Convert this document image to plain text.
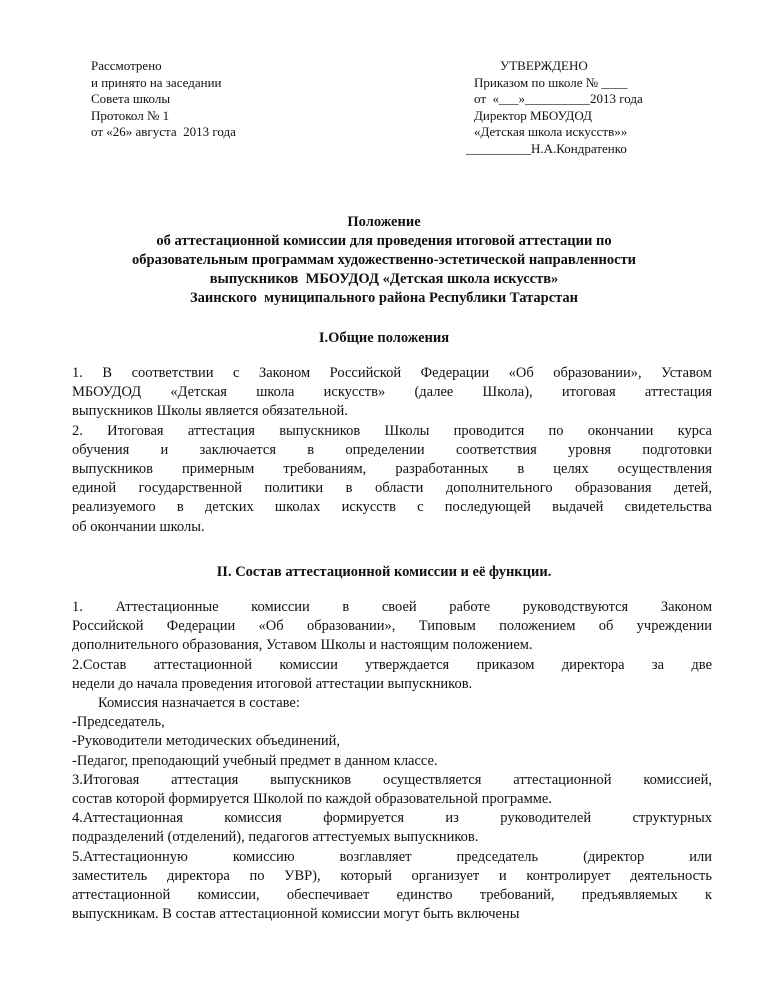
Рассмотрено
и принято на заседании
Совета школы
Протокол № 1
от «26» августа  2013 года
УТВЕРЖДЕНО
Приказом по школе № ____
от  «___»__________2013 года
Директор МБОУДОД
«Детская школа искусств»»
__________Н.А.Кондратенко
Положение
об аттестационной комиссии для проведения итоговой аттестации по
образовательным программам художественно-эстетической направленности
выпускников  МБОУДОД «Детская школа искусств»
Заинского  муниципального района Республики Татарстан
I.Общие положения
1. В соответствии с Законом Российской Федерации «Об образовании», Уставом
МБОУДОД «Детская школа искусств» (далее Школа), итоговая аттестация
выпускников Школы является обязательной.
2. Итоговая аттестация выпускников Школы проводится по окончании курса
обучения и заключается в определении соответствия уровня подготовки
выпускников примерным требованиям, разработанных в целях осуществления
единой государственной политики в области дополнительного образования детей,
реализуемого в детских школах искусств с последующей выдачей свидетельства
об окончании школы.
II. Состав аттестационной комиссии и её функции.
1. Аттестационные комиссии в своей работе руководствуются Законом
Российской Федерации «Об образовании», Типовым положением об учреждении
дополнительного образования, Уставом Школы и настоящим положением.
2.Состав аттестационной комиссии утверждается приказом директора за две
недели до начала проведения итоговой аттестации выпускников.
Комиссия назначается в составе:
-Председатель,
-Руководители методических объединений,
-Педагог, преподающий учебный предмет в данном классе.
3.Итоговая аттестация выпускников осуществляется аттестационной комиссией,
состав которой формируется Школой по каждой образовательной программе.
4.Аттестационная комиссия формируется из руководителей структурных
подразделений (отделений), педагогов аттестуемых выпускников.
5.Аттестационную комиссию возглавляет председатель (директор или
заместитель директора по УВР), который организует и контролирует деятельность
аттестационной комиссии, обеспечивает единство требований, предъявляемых к
выпускникам. В состав аттестационной комиссии могут быть включены
